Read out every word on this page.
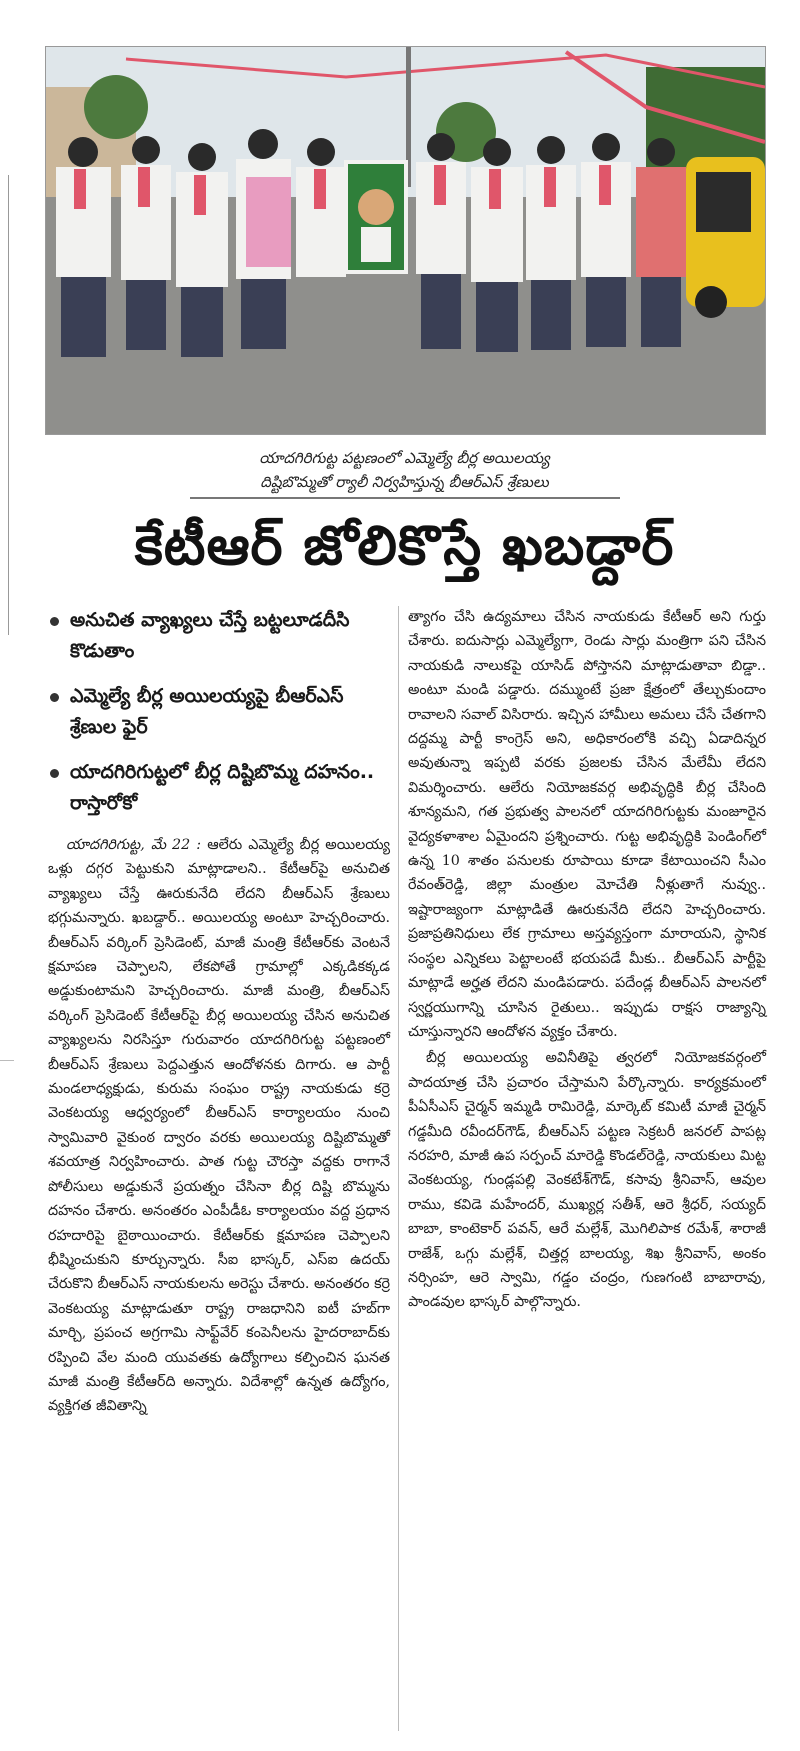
యాదగిరిగుట్ట పట్టణంలో ఎమ్మెల్యే బీర్ల అయిలయ్య
దిష్టిబొమ్మతో ర్యాలీ నిర్వహిస్తున్న బీఆర్ఎస్ శ్రేణులు
కేటీఆర్ జోలికొస్తే ఖబడ్దార్
అనుచిత వ్యాఖ్యలు చేస్తే బట్టలూడదీసి కొడుతాం
ఎమ్మెల్యే బీర్ల అయిలయ్యపై బీఆర్ఎస్ శ్రేణుల ఫైర్
యాదగిరిగుట్టలో బీర్ల దిష్టిబొమ్మ దహనం.. రాస్తారోకో

యాదగిరిగుట్ట, మే 22 : ఆలేరు ఎమ్మెల్యే బీర్ల అయిలయ్య ఒళ్లు దగ్గర పెట్టుకుని మాట్లాడాలని.. కేటీఆర్‌పై అనుచిత వ్యాఖ్యలు చేస్తే ఊరుకునేది లేదని బీఆర్ఎస్ శ్రేణులు భగ్గుమన్నారు. ఖబడ్దార్.. అయిలయ్య అంటూ హెచ్చరించారు. బీఆర్ఎస్ వర్కింగ్ ప్రెసిడెంట్, మాజీ మంత్రి కేటీఆర్‌కు వెంటనే క్షమాపణ చెప్పాలని, లేకపోతే గ్రామాల్లో ఎక్కడికక్కడ అడ్డుకుంటామని హెచ్చరించారు. మాజీ మంత్రి, బీఆర్ఎస్ వర్కింగ్ ప్రెసిడెంట్ కేటీఆర్‌పై బీర్ల అయిలయ్య చేసిన అనుచిత వ్యాఖ్యలను నిరసిస్తూ గురువారం యాదగిరిగుట్ట పట్టణంలో బీఆర్ఎస్ శ్రేణులు పెద్దఎత్తున ఆందోళనకు దిగారు. ఆ పార్టీ మండలాధ్యక్షుడు, కురుమ సంఘం రాష్ట్ర నాయకుడు కర్రె వెంకటయ్య ఆధ్వర్యంలో బీఆర్ఎస్ కార్యాలయం నుంచి స్వామివారి వైకుంఠ ద్వారం వరకు అయిలయ్య దిష్టిబొమ్మతో శవయాత్ర నిర్వహించారు. పాత గుట్ట చౌరస్తా వద్దకు రాగానే పోలీసులు అడ్డుకునే ప్రయత్నం చేసినా బీర్ల దిష్టి బొమ్మను దహనం చేశారు. అనంతరం ఎంపీడీఓ కార్యాలయం వద్ద ప్రధాన రహదారిపై బైఠాయించారు. కేటీఆర్‌కు క్షమాపణ చెప్పాలని భీష్మించుకుని కూర్చున్నారు. సీఐ భాస్కర్, ఎస్ఐ ఉదయ్ చేరుకొని బీఆర్ఎస్ నాయకులను అరెస్టు చేశారు. అనంతరం కర్రె వెంకటయ్య మాట్లాడుతూ రాష్ట్ర రాజధానిని ఐటీ హబ్‌గా మార్చి, ప్రపంచ అగ్రగామి సాఫ్ట్‌వేర్ కంపెనీలను హైదరాబాద్‌కు రప్పించి వేల మంది యువతకు ఉద్యోగాలు కల్పించిన ఘనత మాజీ మంత్రి కేటీఆర్‌ది అన్నారు. విదేశాల్లో ఉన్నత ఉద్యోగం, వ్యక్తిగత జీవితాన్ని

త్యాగం చేసి ఉద్యమాలు చేసిన నాయకుడు కేటీఆర్ అని గుర్తు చేశారు. ఐదుసార్లు ఎమ్మెల్యేగా, రెండు సార్లు మంత్రిగా పని చేసిన నాయకుడి నాలుకపై యాసిడ్ పోస్తానని మాట్లాడుతావా బిడ్డా.. అంటూ మండి పడ్డారు. దమ్ముంటే ప్రజా క్షేత్రంలో తేల్చుకుందాం రావాలని సవాల్ విసిరారు. ఇచ్చిన హామీలు అమలు చేసే చేతగాని దద్దమ్మ పార్టీ కాంగ్రెస్ అని, అధికారంలోకి వచ్చి ఏడాదిన్నర అవుతున్నా ఇప్పటి వరకు ప్రజలకు చేసిన మేలేమీ లేదని విమర్శించారు. ఆలేరు నియోజకవర్గ అభివృద్ధికి బీర్ల చేసింది శూన్యమని, గత ప్రభుత్వ పాలనలో యాదగిరిగుట్టకు మంజూరైన వైద్యకళాశాల ఏమైందని ప్రశ్నించారు. గుట్ట అభివృద్ధికి పెండింగ్‌లో ఉన్న 10 శాతం పనులకు రూపాయి కూడా కేటాయించని సీఎం రేవంత్‌రెడ్డి, జిల్లా మంత్రుల మోచేతి నీళ్లుతాగే నువ్వు.. ఇష్టారాజ్యంగా మాట్లాడితే ఊరుకునేది లేదని హెచ్చరించారు. ప్రజాప్రతినిధులు లేక గ్రామాలు అస్తవ్యస్తంగా మారాయని, స్థానిక సంస్థల ఎన్నికలు పెట్టాలంటే భయపడే మీకు.. బీఆర్ఎస్ పార్టీపై మాట్లాడే అర్హత లేదని మండిపడారు. పదేండ్ల బీఆర్ఎస్ పాలనలో స్వర్ణయుగాన్ని చూసిన రైతులు.. ఇప్పుడు రాక్షస రాజ్యాన్ని చూస్తున్నారని ఆందోళన వ్యక్తం చేశారు.

బీర్ల అయిలయ్య అవినీతిపై త్వరలో నియోజకవర్గంలో పాదయాత్ర చేసి ప్రచారం చేస్తామని పేర్కొన్నారు. కార్యక్రమంలో పీఏసీఎస్ చైర్మన్ ఇమ్మడి రామిరెడ్డి, మార్కెట్ కమిటీ మాజీ చైర్మన్ గడ్డమీది రవీందర్‌గౌడ్, బీఆర్ఎస్ పట్టణ సెక్రటరీ జనరల్ పాపట్ల నరహరి, మాజీ ఉప సర్పంచ్ మారెడ్డి కొండల్‌రెడ్డి, నాయకులు మిట్ట వెంకటయ్య, గుండ్లపల్లి వెంకటేశ్‌గౌడ్, కసావు శ్రీనివాస్, ఆవుల రాము, కవిడె మహేందర్, ముఖ్యర్ల సతీశ్, ఆరె శ్రీధర్, సయ్యద్ బాబా, కాంటెకార్ పవన్, ఆరే మల్లేశ్, మొగిలిపాక రమేశ్, శారాజీ రాజేశ్, ఒగ్గు మల్లేశ్, చిత్తర్ల బాలయ్య, శిఖ శ్రీనివాస్, అంకం నర్సింహ, ఆరె స్వామి, గడ్డం చంద్రం, గుణగంటి బాబారావు, పాండవుల భాస్కర్ పాల్గొన్నారు.
